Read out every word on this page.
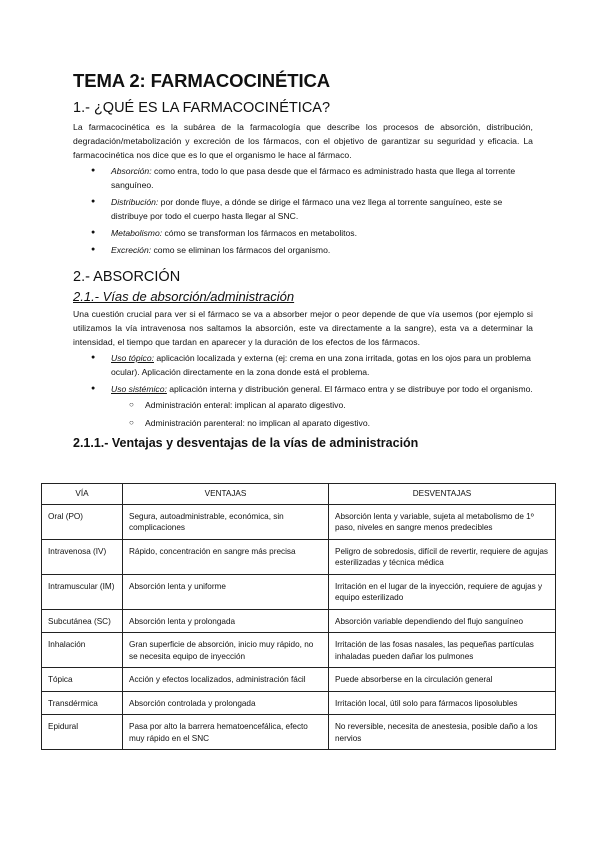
TEMA 2: FARMACOCINÉTICA
1.- ¿QUÉ ES LA FARMACOCINÉTICA?

La farmacocinética es la subárea de la farmacología que describe los procesos de absorción, distribución, degradación/metabolización y excreción de los fármacos, con el objetivo de garantizar su seguridad y eficacia. La farmacocinética nos dice que es lo que el organismo le hace al fármaco.

● Absorción: como entra, todo lo que pasa desde que el fármaco es administrado hasta que llega al torrente sanguíneo.
● Distribución: por donde fluye, a dónde se dirige el fármaco una vez llega al torrente sanguíneo, este se distribuye por todo el cuerpo hasta llegar al SNC.
● Metabolismo: cómo se transforman los fármacos en metabolitos.
● Excreción: como se eliminan los fármacos del organismo.
2.- ABSORCIÓN
2.1.- Vías de absorción/administración

Una cuestión crucial para ver si el fármaco se va a absorber mejor o peor depende de que vía usemos (por ejemplo si utilizamos la vía intravenosa nos saltamos la absorción, este va directamente a la sangre), esta va a determinar la intensidad, el tiempo que tardan en aparecer y la duración de los efectos de los fármacos.

● Uso tópico: aplicación localizada y externa (ej: crema en una zona irritada, gotas en los ojos para un problema ocular). Aplicación directamente en la zona donde está el problema.
● Uso sistémico: aplicación interna y distribución general. El fármaco entra y se distribuye por todo el organismo.
○ Administración enteral: implican al aparato digestivo.
○ Administración parenteral: no implican al aparato digestivo.
2.1.1.- Ventajas y desventajas de la vías de administración
VÍA	VENTAJAS	DESVENTAJAS
Oral (PO)	Segura, autoadministrable, económica, sin complicaciones	Absorción lenta y variable, sujeta al metabolismo de 1º paso, niveles en sangre menos predecibles
Intravenosa (IV)	Rápido, concentración en sangre más precisa	Peligro de sobredosis, difícil de revertir, requiere de agujas esterilizadas y técnica médica
Intramuscular (IM)	Absorción lenta y uniforme	Irritación en el lugar de la inyección, requiere de agujas y equipo esterilizado
Subcutánea (SC)	Absorción lenta y prolongada	Absorción variable dependiendo del flujo sanguíneo
Inhalación	Gran superficie de absorción, inicio muy rápido, no se necesita equipo de inyección	Irritación de las fosas nasales, las pequeñas partículas inhaladas pueden dañar los pulmones
Tópica	Acción y efectos localizados, administración fácil	Puede absorberse en la circulación general
Transdérmica	Absorción controlada y prolongada	Irritación local, útil solo para fármacos liposolubles
Epidural	Pasa por alto la barrera hematoencefálica, efecto muy rápido en el SNC	No reversible, necesita de anestesia, posible daño a los nervios
